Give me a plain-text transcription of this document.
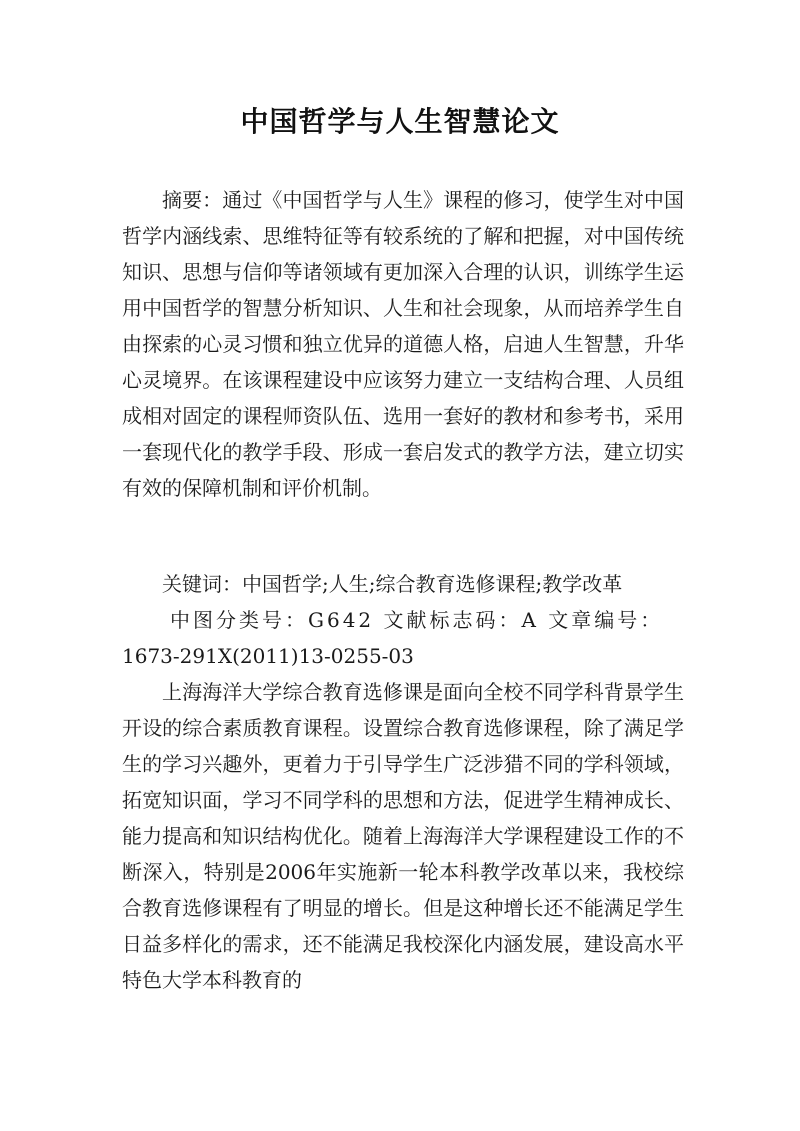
中国哲学与人生智慧论文
摘要：通过《中国哲学与人生》课程的修习，使学生对中国哲学内涵线索、思维特征等有较系统的了解和把握，对中国传统知识、思想与信仰等诸领域有更加深入合理的认识，训练学生运用中国哲学的智慧分析知识、人生和社会现象，从而培养学生自由探索的心灵习惯和独立优异的道德人格，启迪人生智慧，升华心灵境界。在该课程建设中应该努力建立一支结构合理、人员组成相对固定的课程师资队伍、选用一套好的教材和参考书，采用一套现代化的教学手段、形成一套启发式的教学方法，建立切实有效的保障机制和评价机制。
关键词：中国哲学;人生;综合教育选修课程;教学改革
中图分类号：G642 文献标志码：A 文章编号：
1673-291X(2011)13-0255-03
上海海洋大学综合教育选修课是面向全校不同学科背景学生开设的综合素质教育课程。设置综合教育选修课程，除了满足学生的学习兴趣外，更着力于引导学生广泛涉猎不同的学科领域，拓宽知识面，学习不同学科的思想和方法，促进学生精神成长、能力提高和知识结构优化。随着上海海洋大学课程建设工作的不断深入，特别是2006年实施新一轮本科教学改革以来，我校综合教育选修课程有了明显的增长。但是这种增长还不能满足学生日益多样化的需求，还不能满足我校深化内涵发展，建设高水平特色大学本科教育的
